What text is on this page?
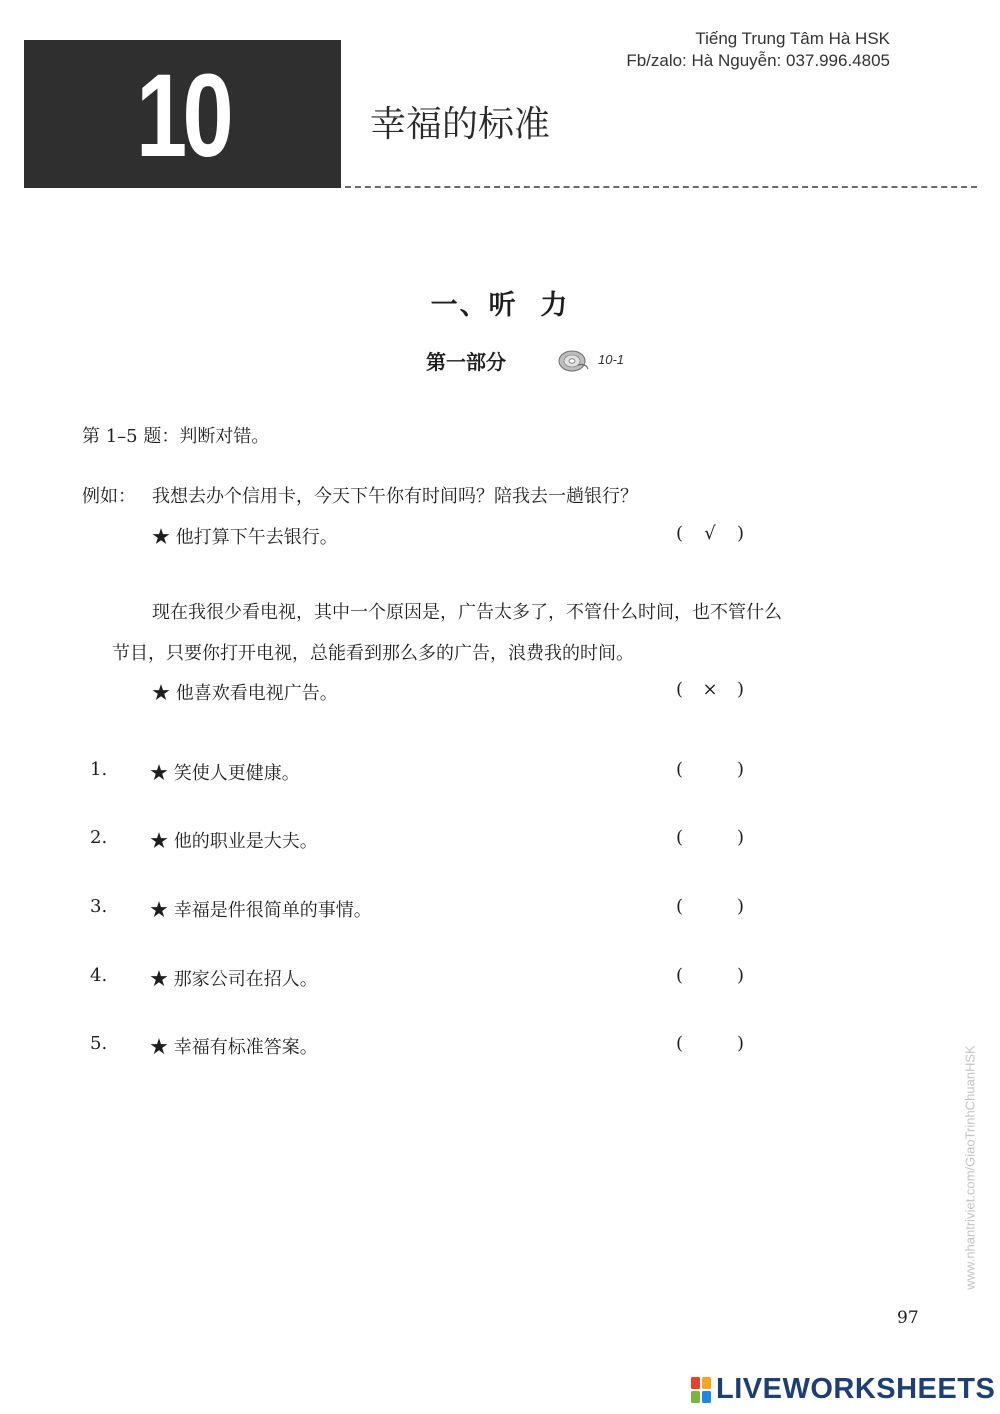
10	幸福的标准
Tiếng Trung Tâm Hà HSK
Fb/zalo: Hà Nguyễn: 037.996.4805
一、听  力
第一部分	10-1
第 1–5 题：判断对错。
例如： 我想去办个信用卡，今天下午你有时间吗？陪我去一趟银行？
★ 他打算下午去银行。	(	√	)
现在我很少看电视，其中一个原因是，广告太多了，不管什么时间，也不管什么
节目，只要你打开电视，总能看到那么多的广告，浪费我的时间。
★ 他喜欢看电视广告。	(	×	)
1. ★ 笑使人更健康。	(	)
2. ★ 他的职业是大夫。	(	)
3. ★ 幸福是件很简单的事情。	(	)
4. ★ 那家公司在招人。	(	)
5. ★ 幸福有标准答案。	(	)
www.nhantriviet.com/GiaoTrinhChuanHSK
97
LIVEWORKSHEETS
